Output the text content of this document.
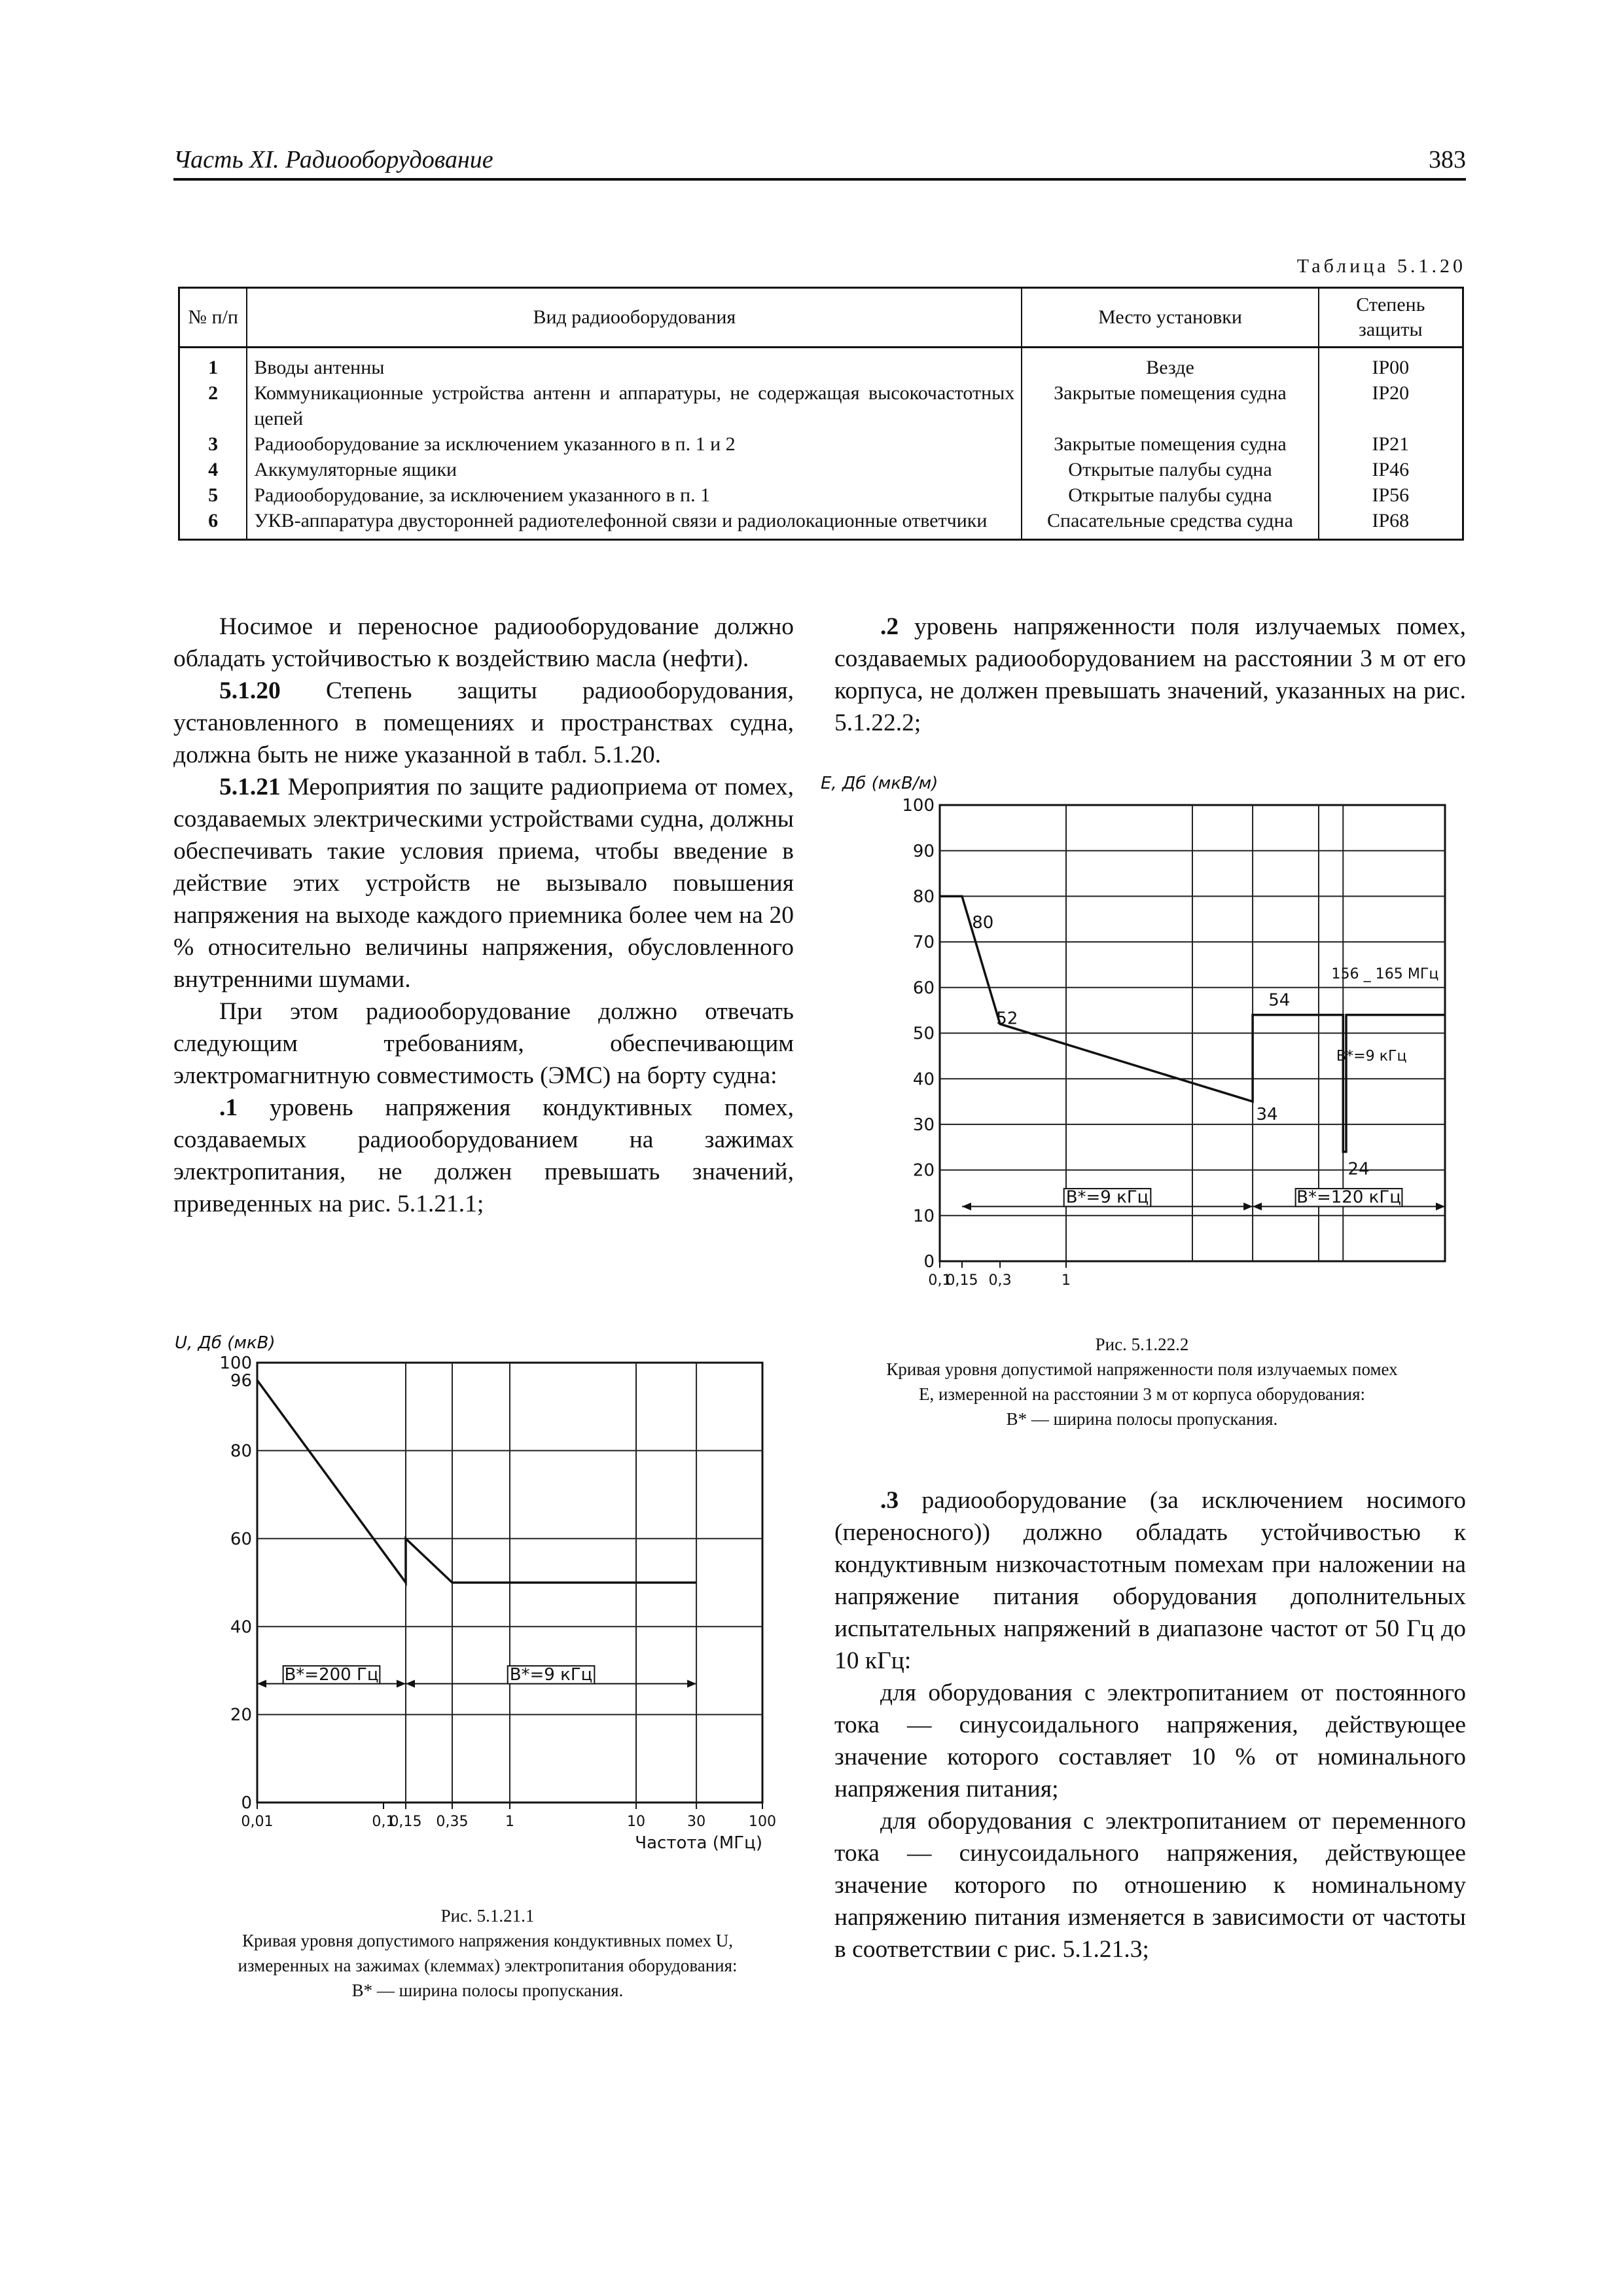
Часть XI. Радиооборудование	383
Таблица 5.1.20
№ п/п	Вид радиооборудования	Место установки	Степень защиты
1	Вводы антенны	Везде	IP00
2	Коммуникационные устройства антенн и аппаратуры, не содержащая высокочастотных цепей	Закрытые помещения судна	IP20
3	Радиооборудование за исключением указанного в п. 1 и 2	Закрытые помещения судна	IP21
4	Аккумуляторные ящики	Открытые палубы судна	IP46
5	Радиооборудование, за исключением указанного в п. 1	Открытые палубы судна	IP56
6	УКВ-аппаратура двусторонней радиотелефонной связи и радиолокационные ответчики	Спасательные средства судна	IP68

Носимое и переносное радиооборудование должно обладать устойчивостью к воздействию масла (нефти).

5.1.20 Степень защиты радиооборудования, установленного в помещениях и пространствах судна, должна быть не ниже указанной в табл. 5.1.20.

5.1.21 Мероприятия по защите радиоприема от помех, создаваемых электрическими устройствами судна, должны обеспечивать такие условия приема, чтобы введение в действие этих устройств не вызывало повышения напряжения на выходе каждого приемника более чем на 20 % относительно величины напряжения, обусловленного внутренними шумами.

При этом радиооборудование должно отвечать следующим требованиям, обеспечивающим электромагнитную совместимость (ЭМС) на борту судна:

.1 уровень напряжения кондуктивных помех, создаваемых радиооборудованием на зажимах электропитания, не должен превышать значений, приведенных на рис. 5.1.21.1;

.2 уровень напряженности поля излучаемых помех, создаваемых радиооборудованием на расстоянии 3 м от его корпуса, не должен превышать значений, указанных на рис. 5.1.22.2;

.3 радиооборудование (за исключением носимого (переносного)) должно обладать устойчивостью к кондуктивным низкочастотным помехам при наложении на напряжение питания оборудования дополнительных испытательных напряжений в диапазоне частот от 50 Гц до 10 кГц:

для оборудования с электропитанием от постоянного тока — синусоидального напряжения, действующее значение которого составляет 10 % от номинального напряжения питания;

для оборудования с электропитанием от переменного тока — синусоидального напряжения, действующее значение которого по отношению к номинальному напряжению питания изменяется в зависимости от частоты в соответствии с рис. 5.1.21.3;

0
20
40
60
80
96
100
0,01	0,1
0,15 0,35	1	10	30	100
U, Дб (мкВ)
Частота (МГц)
B*=200 Гц	B*=9 кГц
Рис. 5.1.21.1
Кривая уровня допустимого напряжения кондуктивных помех U,
измеренных на зажимах (клеммах) электропитания оборудования:
B* — ширина полосы пропускания.
0
10
20
30
40
50
60
70
80
90
100
0,1
0,15 0,3	1
E, Дб (мкВ/м)
B*=9 кГц	B*=120 кГц
80
52
34
54
24
156 _ 165 МГц
B*=9 кГц
Рис. 5.1.22.2
Кривая уровня допустимой напряженности поля излучаемых помех
E, измеренной на расстоянии 3 м от корпуса оборудования:
B* — ширина полосы пропускания.
